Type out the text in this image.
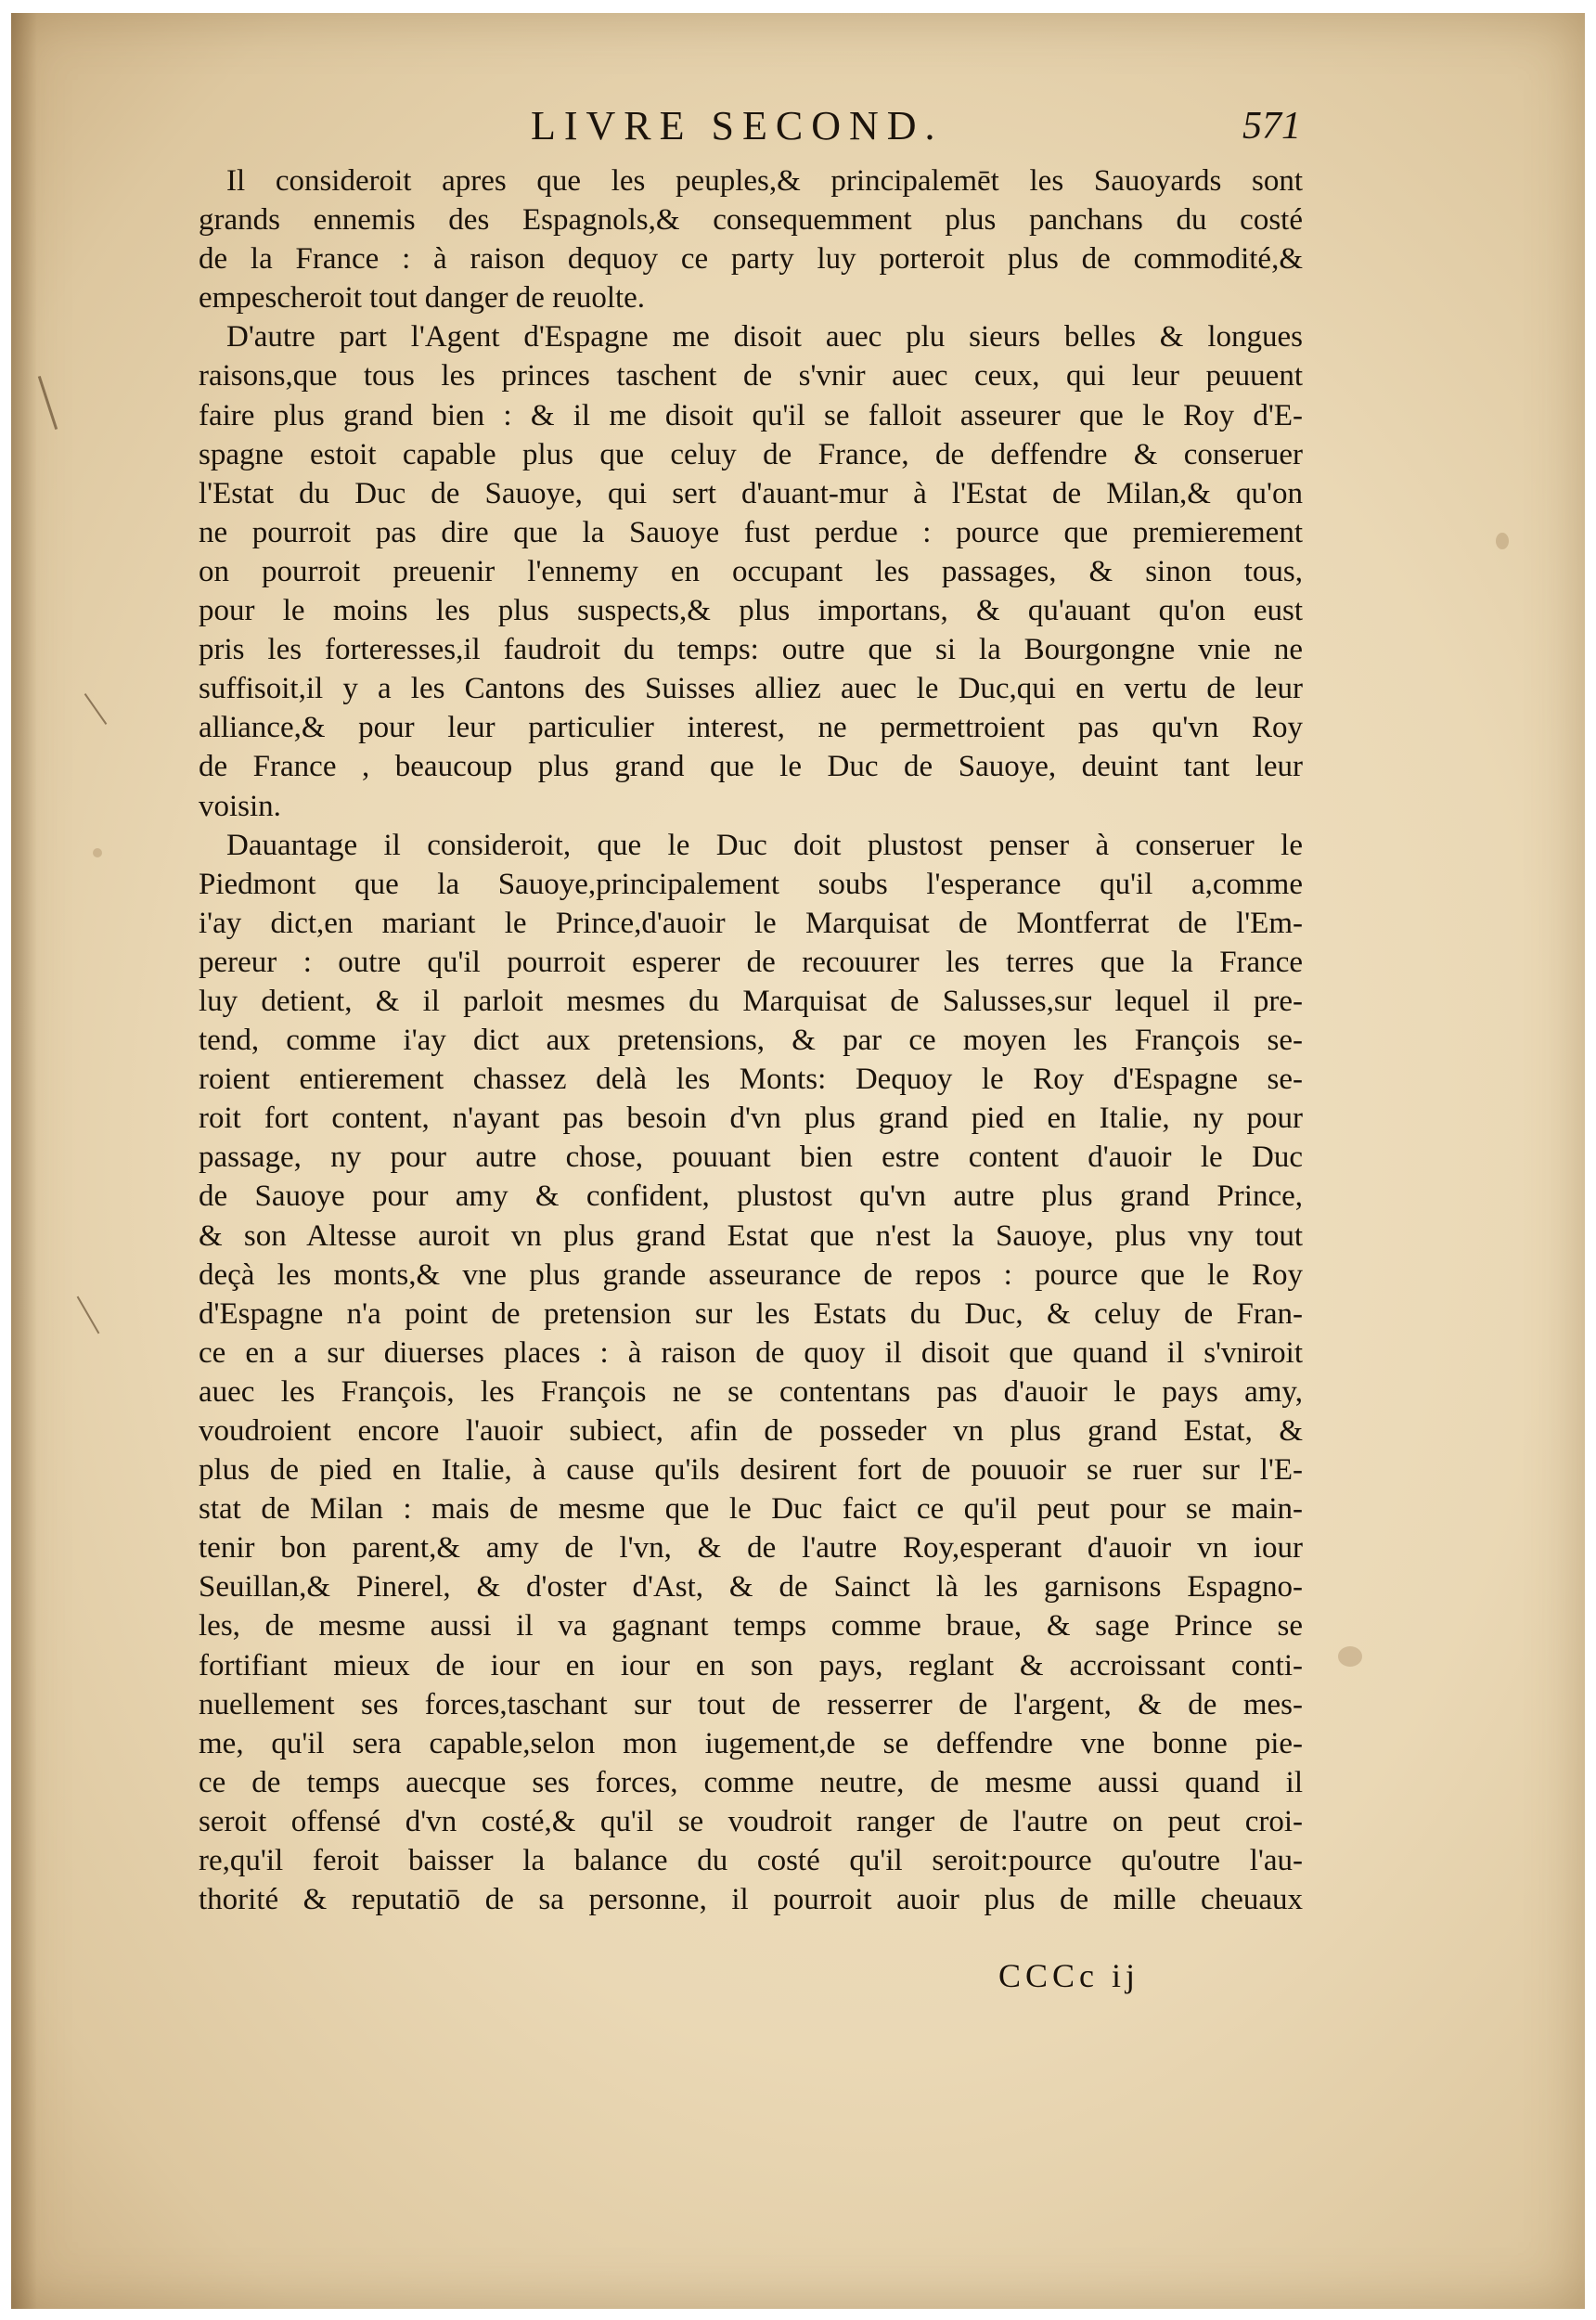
LIVRE SECOND.	571
Il consideroit apres que les peuples,& principalemēt les Sauoyards sont
grands ennemis des Espagnols,& consequemment plus panchans du costé
de la France : à raison dequoy ce party luy porteroit plus de commodité,&
empescheroit tout danger de reuolte.
D'autre part l'Agent d'Espagne me disoit auec plu sieurs belles & longues
raisons,que tous les princes taschent de s'vnir auec ceux, qui leur peuuent
faire plus grand bien : & il me disoit qu'il se falloit asseurer que le Roy d'E-
spagne estoit capable plus que celuy de France, de deffendre & conseruer
l'Estat du Duc de Sauoye, qui sert d'auant-mur à l'Estat de Milan,& qu'on
ne pourroit pas dire que la Sauoye fust perdue : pource que premierement
on pourroit preuenir l'ennemy en occupant les passages, & sinon tous,
pour le moins les plus suspects,& plus importans, & qu'auant qu'on eust
pris les forteresses,il faudroit du temps: outre que si la Bourgongne vnie ne
suffisoit,il y a les Cantons des Suisses alliez auec le Duc,qui en vertu de leur
alliance,& pour leur particulier interest, ne permettroient pas qu'vn Roy
de France , beaucoup plus grand que le Duc de Sauoye, deuint tant leur
voisin.
Dauantage il consideroit, que le Duc doit plustost penser à conseruer le
Piedmont que la Sauoye,principalement soubs l'esperance qu'il a,comme
i'ay dict,en mariant le Prince,d'auoir le Marquisat de Montferrat de l'Em-
pereur : outre qu'il pourroit esperer de recouurer les terres que la France
luy detient, & il parloit mesmes du Marquisat de Salusses,sur lequel il pre-
tend, comme i'ay dict aux pretensions, & par ce moyen les François se-
roient entierement chassez delà les Monts: Dequoy le Roy d'Espagne se-
roit fort content, n'ayant pas besoin d'vn plus grand pied en Italie, ny pour
passage, ny pour autre chose, pouuant bien estre content d'auoir le Duc
de Sauoye pour amy & confident, plustost qu'vn autre plus grand Prince,
& son Altesse auroit vn plus grand Estat que n'est la Sauoye, plus vny tout
deçà les monts,& vne plus grande asseurance de repos : pource que le Roy
d'Espagne n'a point de pretension sur les Estats du Duc, & celuy de Fran-
ce en a sur diuerses places : à raison de quoy il disoit que quand il s'vniroit
auec les François, les François ne se contentans pas d'auoir le pays amy,
voudroient encore l'auoir subiect, afin de posseder vn plus grand Estat, &
plus de pied en Italie, à cause qu'ils desirent fort de pouuoir se ruer sur l'E-
stat de Milan : mais de mesme que le Duc faict ce qu'il peut pour se main-
tenir bon parent,& amy de l'vn, & de l'autre Roy,esperant d'auoir vn iour
Seuillan,& Pinerel, & d'oster d'Ast, & de Sainct là les garnisons Espagno-
les, de mesme aussi il va gagnant temps comme braue, & sage Prince se
fortifiant mieux de iour en iour en son pays, reglant & accroissant conti-
nuellement ses forces,taschant sur tout de resserrer de l'argent, & de mes-
me, qu'il sera capable,selon mon iugement,de se deffendre vne bonne pie-
ce de temps auecque ses forces, comme neutre, de mesme aussi quand il
seroit offensé d'vn costé,& qu'il se voudroit ranger de l'autre on peut croi-
re,qu'il feroit baisser la balance du costé qu'il seroit:pource qu'outre l'au-
thorité & reputatiō de sa personne, il pourroit auoir plus de mille cheuaux
CCCc ij
